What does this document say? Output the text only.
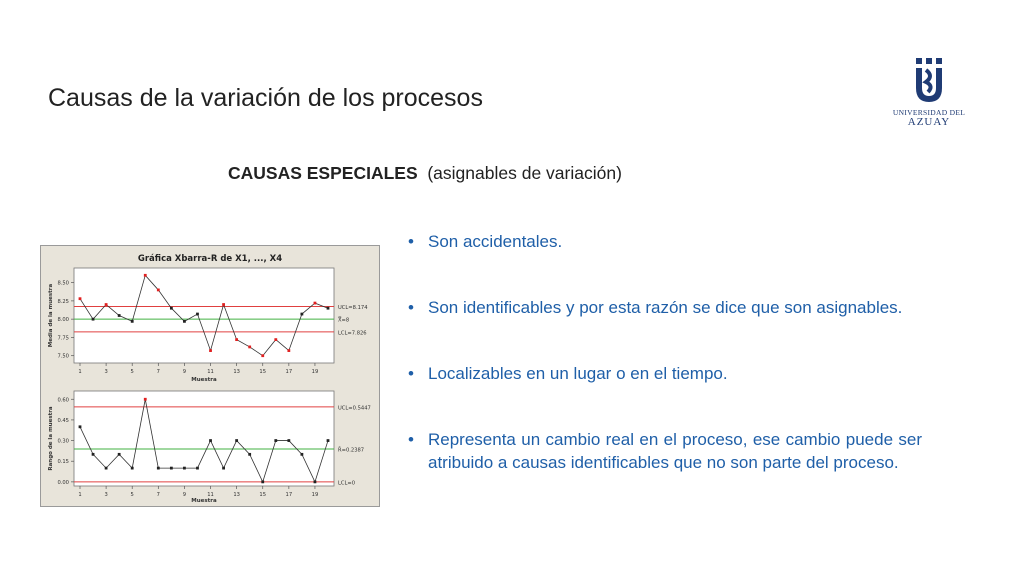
Causas de la variación de los procesos
UNIVERSIDAD DEL
AZUAY
CAUSAS ESPECIALES (asignables de variación)
• Son accidentales.
• Son identificables y por esta razón se dice que son asignables.
• Localizables en un lugar o en el tiempo.
• Representa un cambio real en el proceso, ese cambio puede ser atribuido a causas identificables que no son parte del proceso.
Gráfica Xbarra-R de X1, ..., X4
UCL=8.174
X̿=8
LCL=7.826
7.50
7.75
8.00
8.25
8.50
1	3	5	7	9	11	13	15	17	19
Muestra
Media de la muestra
UCL=0.5447
R̄=0.2387
LCL=0
0.00
0.15
0.30
0.45
0.60
1	3	5	7	9	11	13	15	17	19
Muestra
Rango de la muestra
